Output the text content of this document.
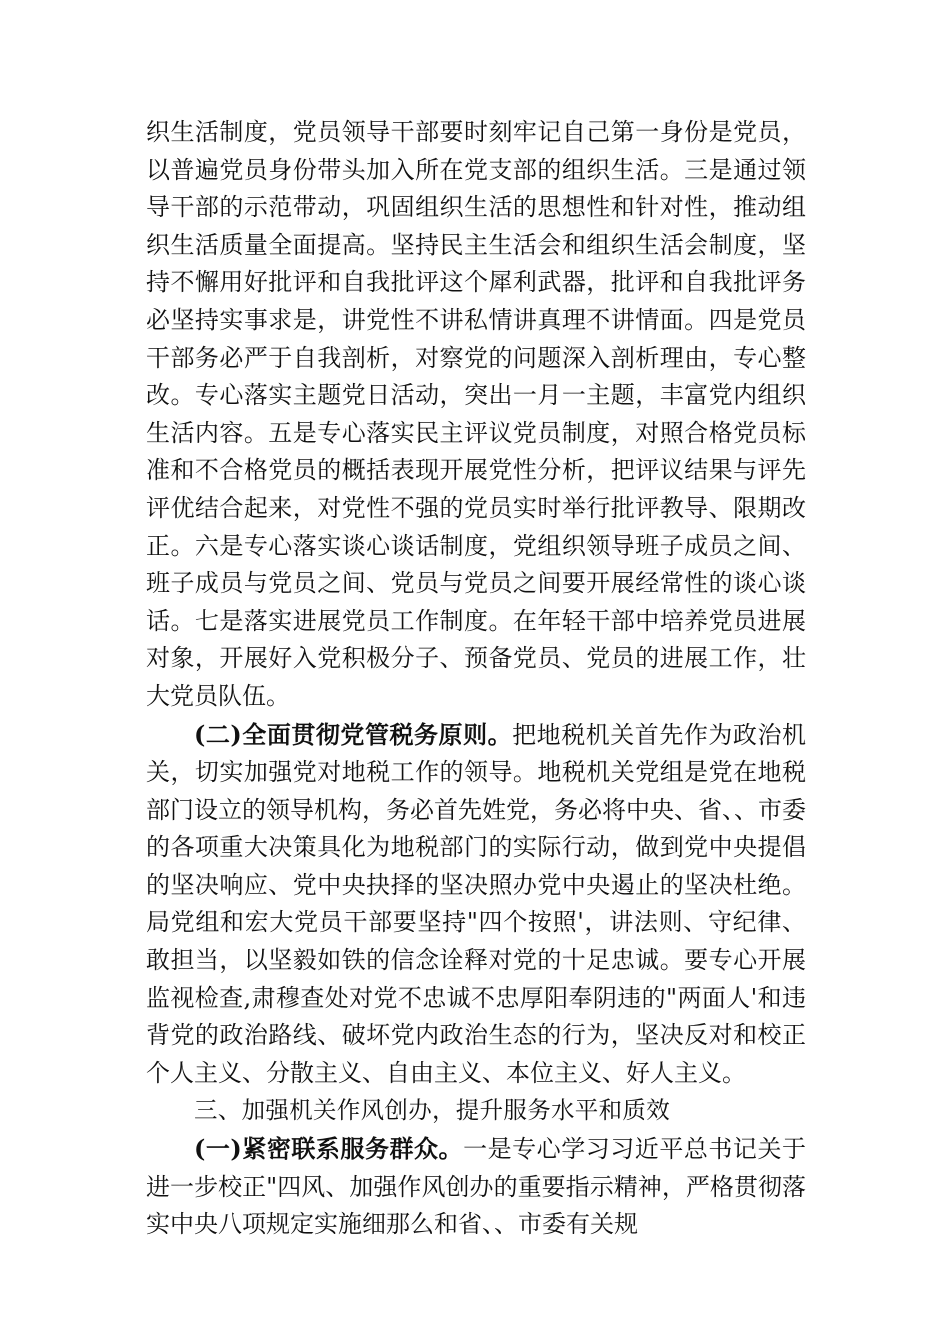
织生活制度，党员领导干部要时刻牢记自己第一身份是党员，以普遍党员身份带头加入所在党支部的组织生活。三是通过领导干部的示范带动，巩固组织生活的思想性和针对性，推动组织生活质量全面提高。坚持民主生活会和组织生活会制度，坚持不懈用好批评和自我批评这个犀利武器，批评和自我批评务必坚持实事求是，讲党性不讲私情讲真理不讲情面。四是党员干部务必严于自我剖析，对察党的问题深入剖析理由，专心整改。专心落实主题党日活动，突出一月一主题，丰富党内组织生活内容。五是专心落实民主评议党员制度，对照合格党员标准和不合格党员的概括表现开展党性分析，把评议结果与评先评优结合起来，对党性不强的党员实时举行批评教导、限期改正。六是专心落实谈心谈话制度，党组织领导班子成员之间、班子成员与党员之间、党员与党员之间要开展经常性的谈心谈话。七是落实进展党员工作制度。在年轻干部中培养党员进展对象，开展好入党积极分子、预备党员、党员的进展工作，壮大党员队伍。

(二)全面贯彻党管税务原则。把地税机关首先作为政治机关，切实加强党对地税工作的领导。地税机关党组是党在地税部门设立的领导机构，务必首先姓党，务必将中央、省、、市委的各项重大决策具化为地税部门的实际行动，做到党中央提倡的坚决响应、党中央抉择的坚决照办党中央遏止的坚决杜绝。局党组和宏大党员干部要坚持"四个按照'，讲法则、守纪律、敢担当，以坚毅如铁的信念诠释对党的十足忠诚。要专心开展监视检查,肃穆查处对党不忠诚不忠厚阳奉阴违的"两面人'和违背党的政治路线、破坏党内政治生态的行为，坚决反对和校正个人主义、分散主义、自由主义、本位主义、好人主义。

三、加强机关作风创办，提升服务水平和质效

(一)紧密联系服务群众。一是专心学习习近平总书记关于进一步校正"四风、加强作风创办的重要指示精神，严格贯彻落实中央八项规定实施细那么和省、、市委有关规
